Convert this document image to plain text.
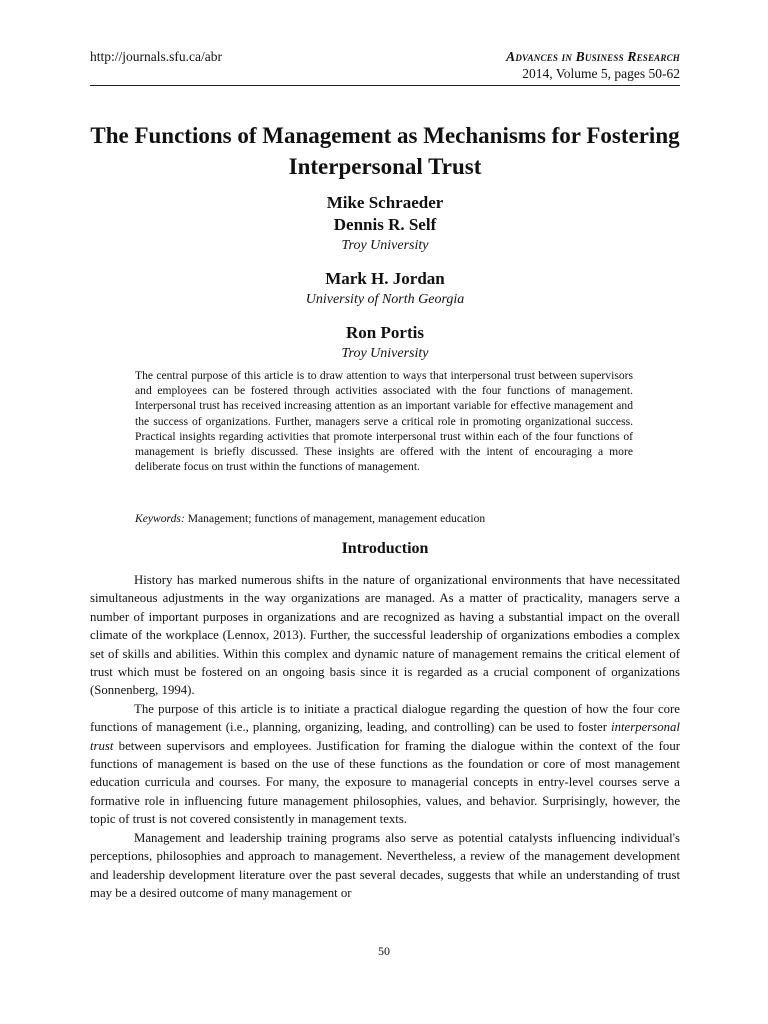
http://journals.sfu.ca/abr	Advances in Business Research
2014, Volume 5, pages 50-62
The Functions of Management as Mechanisms for Fostering Interpersonal Trust
Mike Schraeder
Dennis R. Self
Troy University
Mark H. Jordan
University of North Georgia
Ron Portis
Troy University

The central purpose of this article is to draw attention to ways that interpersonal trust between supervisors and employees can be fostered through activities associated with the four functions of management. Interpersonal trust has received increasing attention as an important variable for effective management and the success of organizations. Further, managers serve a critical role in promoting organizational success. Practical insights regarding activities that promote interpersonal trust within each of the four functions of management is briefly discussed. These insights are offered with the intent of encouraging a more deliberate focus on trust within the functions of management.

Keywords: Management; functions of management, management education

Introduction

History has marked numerous shifts in the nature of organizational environments that have necessitated simultaneous adjustments in the way organizations are managed. As a matter of practicality, managers serve a number of important purposes in organizations and are recognized as having a substantial impact on the overall climate of the workplace (Lennox, 2013). Further, the successful leadership of organizations embodies a complex set of skills and abilities. Within this complex and dynamic nature of management remains the critical element of trust which must be fostered on an ongoing basis since it is regarded as a crucial component of organizations (Sonnenberg, 1994).

The purpose of this article is to initiate a practical dialogue regarding the question of how the four core functions of management (i.e., planning, organizing, leading, and controlling) can be used to foster interpersonal trust between supervisors and employees. Justification for framing the dialogue within the context of the four functions of management is based on the use of these functions as the foundation or core of most management education curricula and courses. For many, the exposure to managerial concepts in entry-level courses serve a formative role in influencing future management philosophies, values, and behavior. Surprisingly, however, the topic of trust is not covered consistently in management texts.

Management and leadership training programs also serve as potential catalysts influencing individual's perceptions, philosophies and approach to management. Nevertheless, a review of the management development and leadership development literature over the past several decades, suggests that while an understanding of trust may be a desired outcome of many management or

50
